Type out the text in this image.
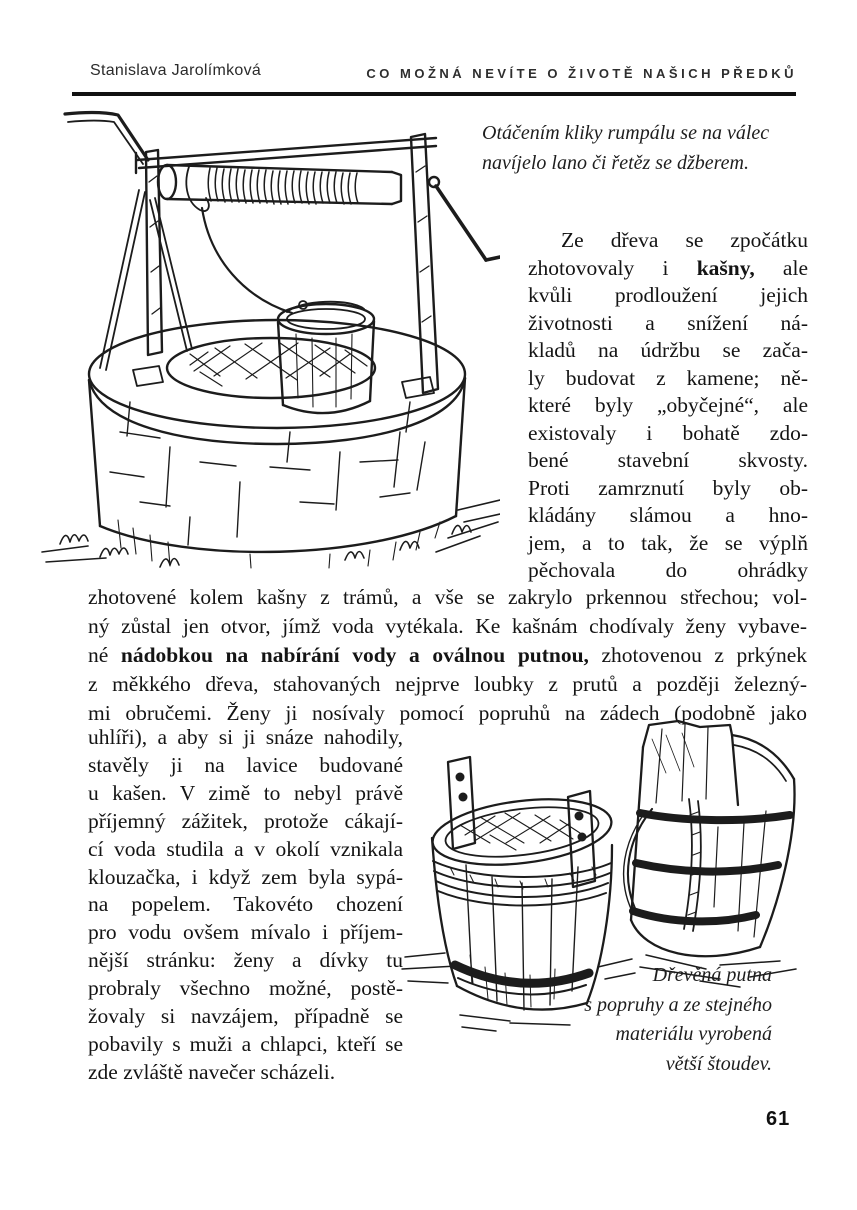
Stanislava Jarolímková	CO MOŽNÁ NEVÍTE O ŽIVOTĚ NAŠICH PŘEDKŮ
Otáčením kliky rumpálu se na válec
navíjelo lano či řetěz se džberem.
Ze dřeva se zpočátku
zhotovovaly i kašny, ale
kvůli prodloužení jejich
životnosti a snížení ná-
kladů na údržbu se zača-
ly budovat z kamene; ně-
které byly „obyčejné“, ale
existovaly i bohatě zdo-
bené stavební skvosty.
Proti zamrznutí byly ob-
kládány slámou a hno-
jem, a to tak, že se výplň
pěchovala do ohrádky
zhotovené kolem kašny z trámů, a vše se zakrylo prkennou střechou; vol-
ný zůstal jen otvor, jímž voda vytékala. Ke kašnám chodívaly ženy vybave-
né nádobkou na nabírání vody a oválnou putnou, zhotovenou z prkýnek
z měkkého dřeva, stahovaných nejprve loubky z prutů a později železný-
mi obručemi. Ženy ji nosívaly pomocí popruhů na zádech (podobně jako
uhlíři), a aby si ji snáze nahodily,
stavěly ji na lavice budované
u kašen. V zimě to nebyl právě
příjemný zážitek, protože cákají-
cí voda studila a v okolí vznikala
klouzačka, i když zem byla sypá-
na popelem. Takovéto chození
pro vodu ovšem mívalo i příjem-
nější stránku: ženy a dívky tu
probraly všechno možné, postě-
žovaly si navzájem, případně se
pobavily s muži a chlapci, kteří se
zde zvláště navečer scházeli.
Dřevěná putna
s popruhy a ze stejného
materiálu vyrobená
větší štoudev.
61
